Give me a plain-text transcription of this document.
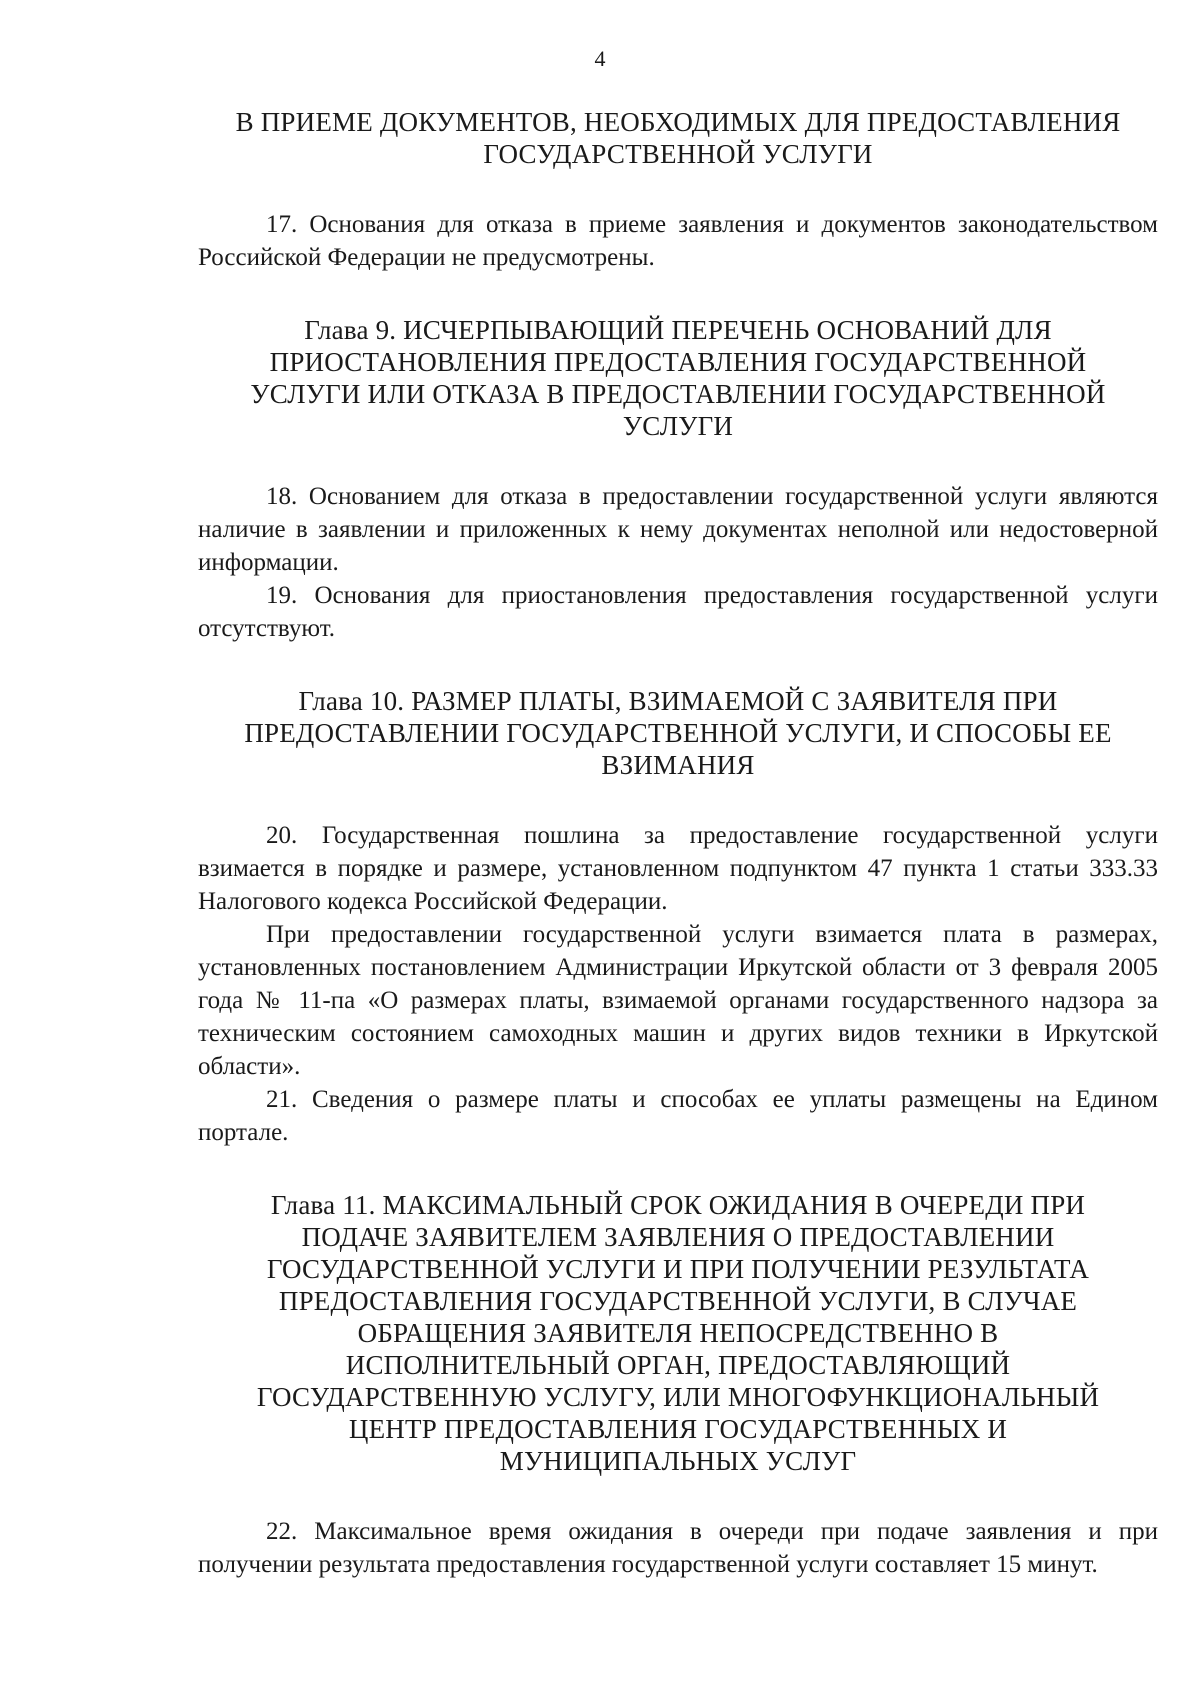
4
В ПРИЕМЕ ДОКУМЕНТОВ, НЕОБХОДИМЫХ ДЛЯ ПРЕДОСТАВЛЕНИЯ
ГОСУДАРСТВЕННОЙ УСЛУГИ

17. Основания для отказа в приеме заявления и документов законодательством Российской Федерации не предусмотрены.

Глава 9. ИСЧЕРПЫВАЮЩИЙ ПЕРЕЧЕНЬ ОСНОВАНИЙ ДЛЯ
ПРИОСТАНОВЛЕНИЯ ПРЕДОСТАВЛЕНИЯ ГОСУДАРСТВЕННОЙ
УСЛУГИ ИЛИ ОТКАЗА В ПРЕДОСТАВЛЕНИИ ГОСУДАРСТВЕННОЙ
УСЛУГИ

18. Основанием для отказа в предоставлении государственной услуги являются наличие в заявлении и приложенных к нему документах неполной или недостоверной информации.

19. Основания для приостановления предоставления государственной услуги отсутствуют.

Глава 10. РАЗМЕР ПЛАТЫ, ВЗИМАЕМОЙ С ЗАЯВИТЕЛЯ ПРИ
ПРЕДОСТАВЛЕНИИ ГОСУДАРСТВЕННОЙ УСЛУГИ, И СПОСОБЫ ЕЕ
ВЗИМАНИЯ

20. Государственная пошлина за предоставление государственной услуги взимается в порядке и размере, установленном подпунктом 47 пункта 1 статьи 333.33 Налогового кодекса Российской Федерации.

При предоставлении государственной услуги взимается плата в размерах, установленных постановлением Администрации Иркутской области от 3 февраля 2005 года № 11-па «О размерах платы, взимаемой органами государственного надзора за техническим состоянием самоходных машин и других видов техники в Иркутской области».

21. Сведения о размере платы и способах ее уплаты размещены на Едином портале.

Глава 11. МАКСИМАЛЬНЫЙ СРОК ОЖИДАНИЯ В ОЧЕРЕДИ ПРИ
ПОДАЧЕ ЗАЯВИТЕЛЕМ ЗАЯВЛЕНИЯ О ПРЕДОСТАВЛЕНИИ
ГОСУДАРСТВЕННОЙ УСЛУГИ И ПРИ ПОЛУЧЕНИИ РЕЗУЛЬТАТА
ПРЕДОСТАВЛЕНИЯ ГОСУДАРСТВЕННОЙ УСЛУГИ, В СЛУЧАЕ
ОБРАЩЕНИЯ ЗАЯВИТЕЛЯ НЕПОСРЕДСТВЕННО В
ИСПОЛНИТЕЛЬНЫЙ ОРГАН, ПРЕДОСТАВЛЯЮЩИЙ
ГОСУДАРСТВЕННУЮ УСЛУГУ, ИЛИ МНОГОФУНКЦИОНАЛЬНЫЙ
ЦЕНТР ПРЕДОСТАВЛЕНИЯ ГОСУДАРСТВЕННЫХ И
МУНИЦИПАЛЬНЫХ УСЛУГ

22. Максимальное время ожидания в очереди при подаче заявления и при получении результата предоставления государственной услуги составляет 15 минут.
